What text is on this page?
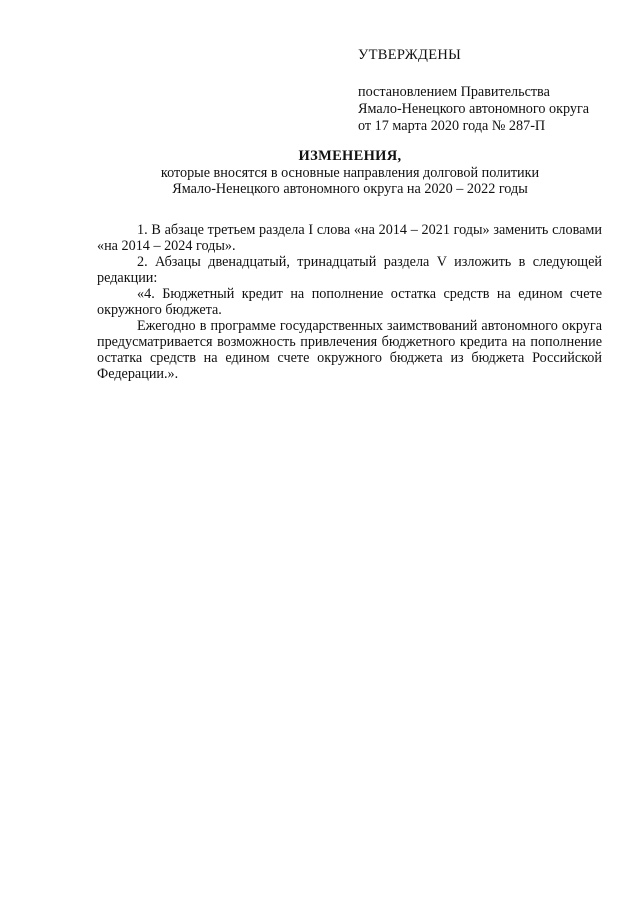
УТВЕРЖДЕНЫ
постановлением Правительства
Ямало-Ненецкого автономного округа
от 17 марта 2020 года № 287-П
ИЗМЕНЕНИЯ,
которые вносятся в основные направления долговой политики
Ямало-Ненецкого автономного округа на 2020 – 2022 годы

1. В абзаце третьем раздела I слова «на 2014 – 2021 годы» заменить словами «на 2014 – 2024 годы».

2. Абзацы двенадцатый, тринадцатый раздела V изложить в следующей редакции:

«4. Бюджетный кредит на пополнение остатка средств на едином счете окружного бюджета.

Ежегодно в программе государственных заимствований автономного округа предусматривается возможность привлечения бюджетного кредита на пополнение остатка средств на едином счете окружного бюджета из бюджета Российской Федерации.».
